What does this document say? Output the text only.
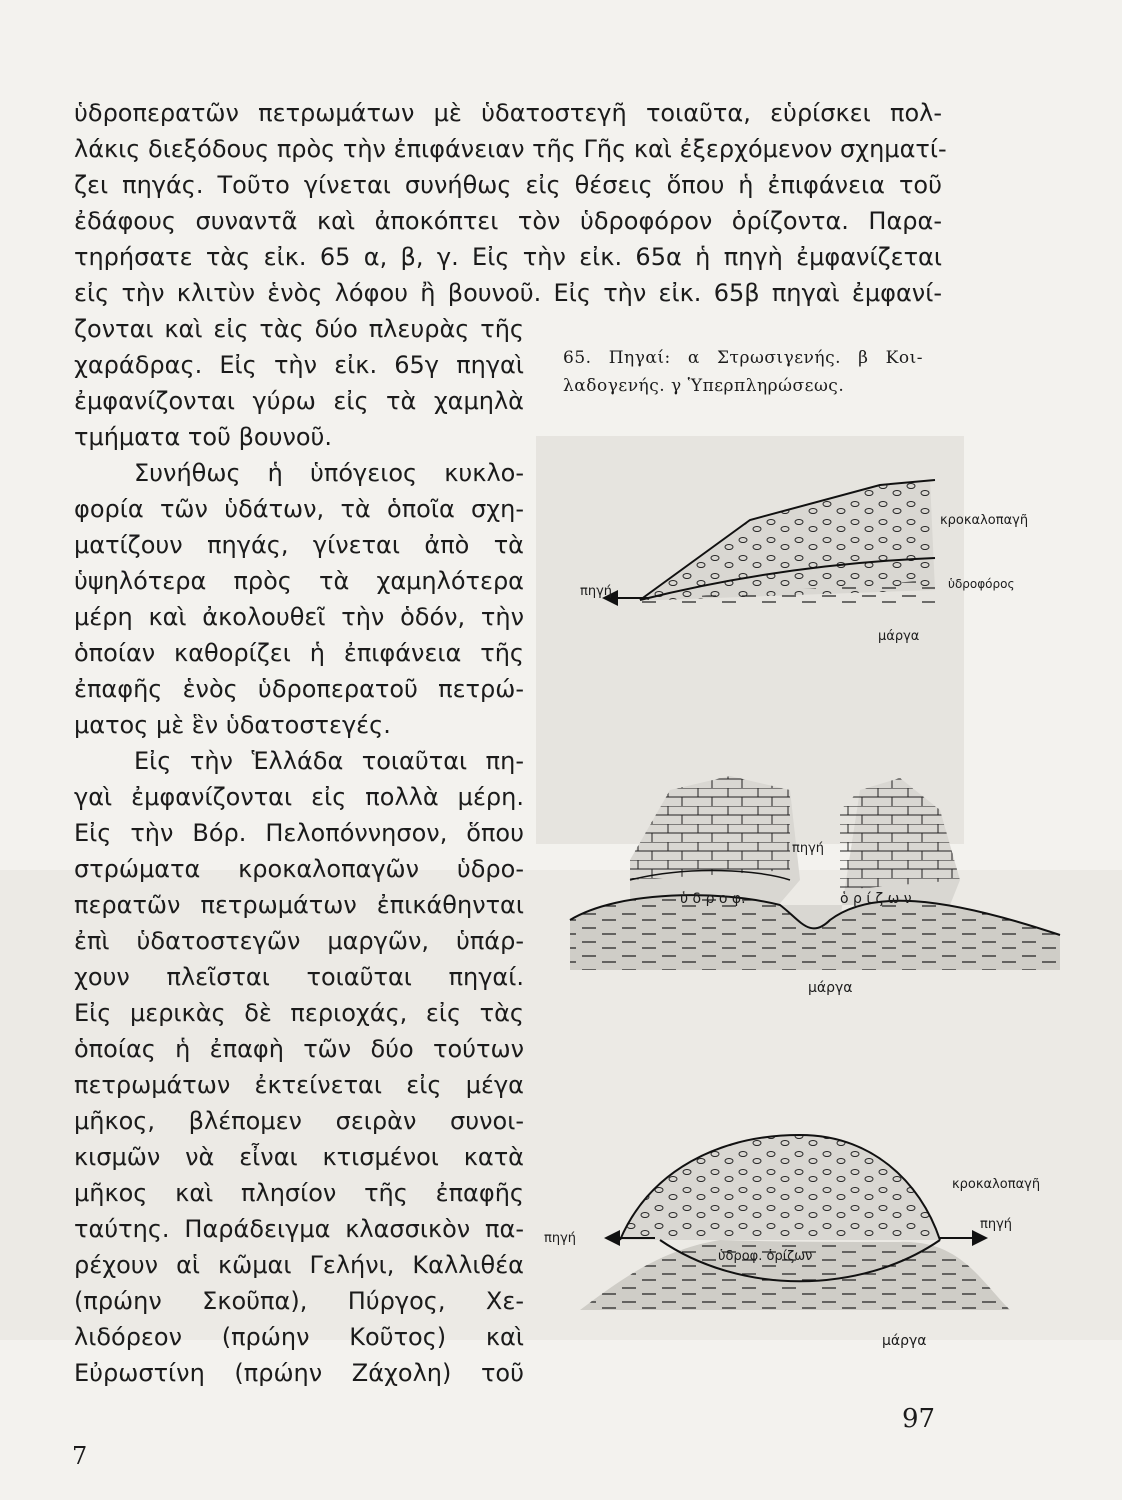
ὑδροπερατῶν πετρωμάτων μὲ ὑδατοστεγῆ τοιαῦτα, εὑρίσκει πολ-
λάκις διεξόδους πρὸς τὴν ἐπιφάνειαν τῆς Γῆς καὶ ἐξερχόμενον σχηματί-
ζει πηγάς. Τοῦτο γίνεται συνήθως εἰς θέσεις ὅπου ἡ ἐπιφάνεια τοῦ
ἐδάφους συναντᾶ καὶ ἀποκόπτει τὸν ὑδροφόρον ὁρίζοντα. Παρα-
τηρήσατε τὰς εἰκ. 65 α, β, γ. Εἰς τὴν εἰκ. 65α ἡ πηγὴ ἐμφανίζεται
εἰς τὴν κλιτὺν ἑνὸς λόφου ἢ βουνοῦ. Εἰς τὴν εἰκ. 65β πηγαὶ ἐμφανί-
ζονται καὶ εἰς τὰς δύο πλευρὰς τῆς
χαράδρας. Εἰς τὴν εἰκ. 65γ πηγαὶ
ἐμφανίζονται γύρω εἰς τὰ χαμηλὰ
τμήματα τοῦ βουνοῦ.
Συνήθως ἡ ὑπόγειος κυκλο-
φορία τῶν ὑδάτων, τὰ ὁποῖα σχη-
ματίζουν πηγάς, γίνεται ἀπὸ τὰ
ὑψηλότερα πρὸς τὰ χαμηλότερα
μέρη καὶ ἀκολουθεῖ τὴν ὁδόν, τὴν
ὁποίαν καθορίζει ἡ ἐπιφάνεια τῆς
ἐπαφῆς ἑνὸς ὑδροπερατοῦ πετρώ-
ματος μὲ ἓν ὑδατοστεγές.
Εἰς τὴν Ἑλλάδα τοιαῦται πη-
γαὶ ἐμφανίζονται εἰς πολλὰ μέρη.
Εἰς τὴν Βόρ. Πελοπόννησον, ὅπου
στρώματα κροκαλοπαγῶν ὑδρο-
περατῶν πετρωμάτων ἐπικάθηνται
ἐπὶ ὑδατοστεγῶν μαργῶν, ὑπάρ-
χουν πλεῖσται τοιαῦται πηγαί.
Εἰς μερικὰς δὲ περιοχάς, εἰς τὰς
ὁποίας ἡ ἐπαφὴ τῶν δύο τούτων
πετρωμάτων ἐκτείνεται εἰς μέγα
μῆκος, βλέπομεν σειρὰν συνοι-
κισμῶν νὰ εἶναι κτισμένοι κατὰ
μῆκος καὶ πλησίον τῆς ἐπαφῆς
ταύτης. Παράδειγμα κλασσικὸν πα-
ρέχουν αἱ κῶμαι Γελήνι, Καλλιθέα
(πρώην Σκοῦπα), Πύργος, Χε-
λιδόρεον (πρώην Κοῦτος) καὶ
Εὐρωστίνη (πρώην Ζάχολη) τοῦ
65. Πηγαί: α Στρωσιγενής. β Κοι-
λαδογενής. γ Ὑπερπληρώσεως.
κροκαλοπαγῆ
ὑδροφόρος
πηγή
μάργα
πηγή
ὑ δ ρ ο φ.	ὁ ρ ί ζ ω ν
μάργα
κροκαλοπαγῆ
πηγή
πηγή
ὑδροφ. ὁρίζων
μάργα
97
7
